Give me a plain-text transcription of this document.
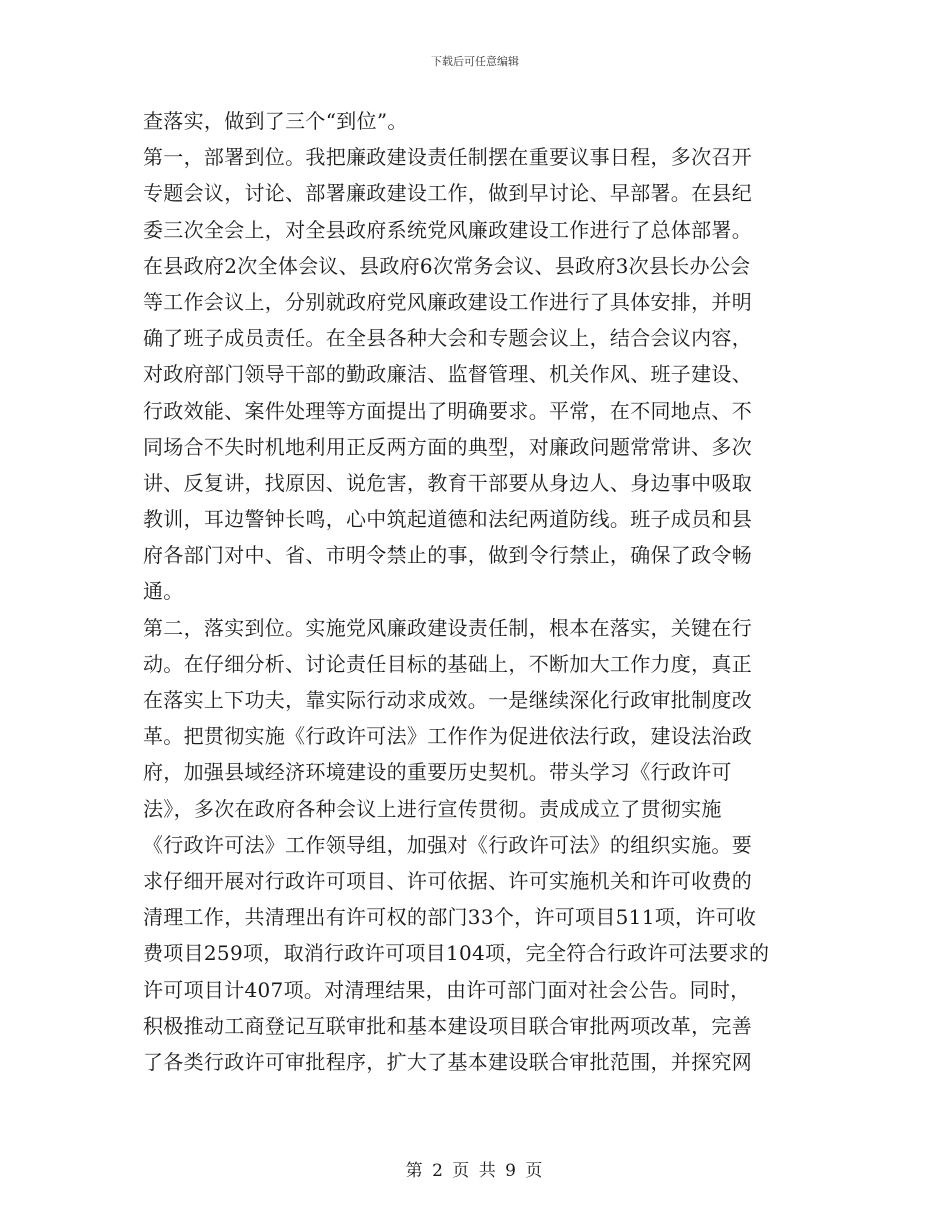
下载后可任意编辑
查落实，做到了三个“到位”。
第一，部署到位。我把廉政建设责任制摆在重要议事日程，多次召开
专题会议，讨论、部署廉政建设工作，做到早讨论、早部署。在县纪
委三次全会上，对全县政府系统党风廉政建设工作进行了总体部署。
在县政府2次全体会议、县政府6次常务会议、县政府3次县长办公会
等工作会议上，分别就政府党风廉政建设工作进行了具体安排，并明
确了班子成员责任。在全县各种大会和专题会议上，结合会议内容，
对政府部门领导干部的勤政廉洁、监督管理、机关作风、班子建设、
行政效能、案件处理等方面提出了明确要求。平常，在不同地点、不
同场合不失时机地利用正反两方面的典型，对廉政问题常常讲、多次
讲、反复讲，找原因、说危害，教育干部要从身边人、身边事中吸取
教训，耳边警钟长鸣，心中筑起道德和法纪两道防线。班子成员和县
府各部门对中、省、市明令禁止的事，做到令行禁止，确保了政令畅
通。
第二，落实到位。实施党风廉政建设责任制，根本在落实，关键在行
动。在仔细分析、讨论责任目标的基础上，不断加大工作力度，真正
在落实上下功夫，靠实际行动求成效。一是继续深化行政审批制度改
革。把贯彻实施《行政许可法》工作作为促进依法行政，建设法治政
府，加强县域经济环境建设的重要历史契机。带头学习《行政许可
法》，多次在政府各种会议上进行宣传贯彻。责成成立了贯彻实施
《行政许可法》工作领导组，加强对《行政许可法》的组织实施。要
求仔细开展对行政许可项目、许可依据、许可实施机关和许可收费的
清理工作，共清理出有许可权的部门33个，许可项目511项，许可收
费项目259项，取消行政许可项目104项，完全符合行政许可法要求的
许可项目计407项。对清理结果，由许可部门面对社会公告。同时，
积极推动工商登记互联审批和基本建设项目联合审批两项改革，完善
了各类行政许可审批程序，扩大了基本建设联合审批范围，并探究网
第 2 页 共 9 页
